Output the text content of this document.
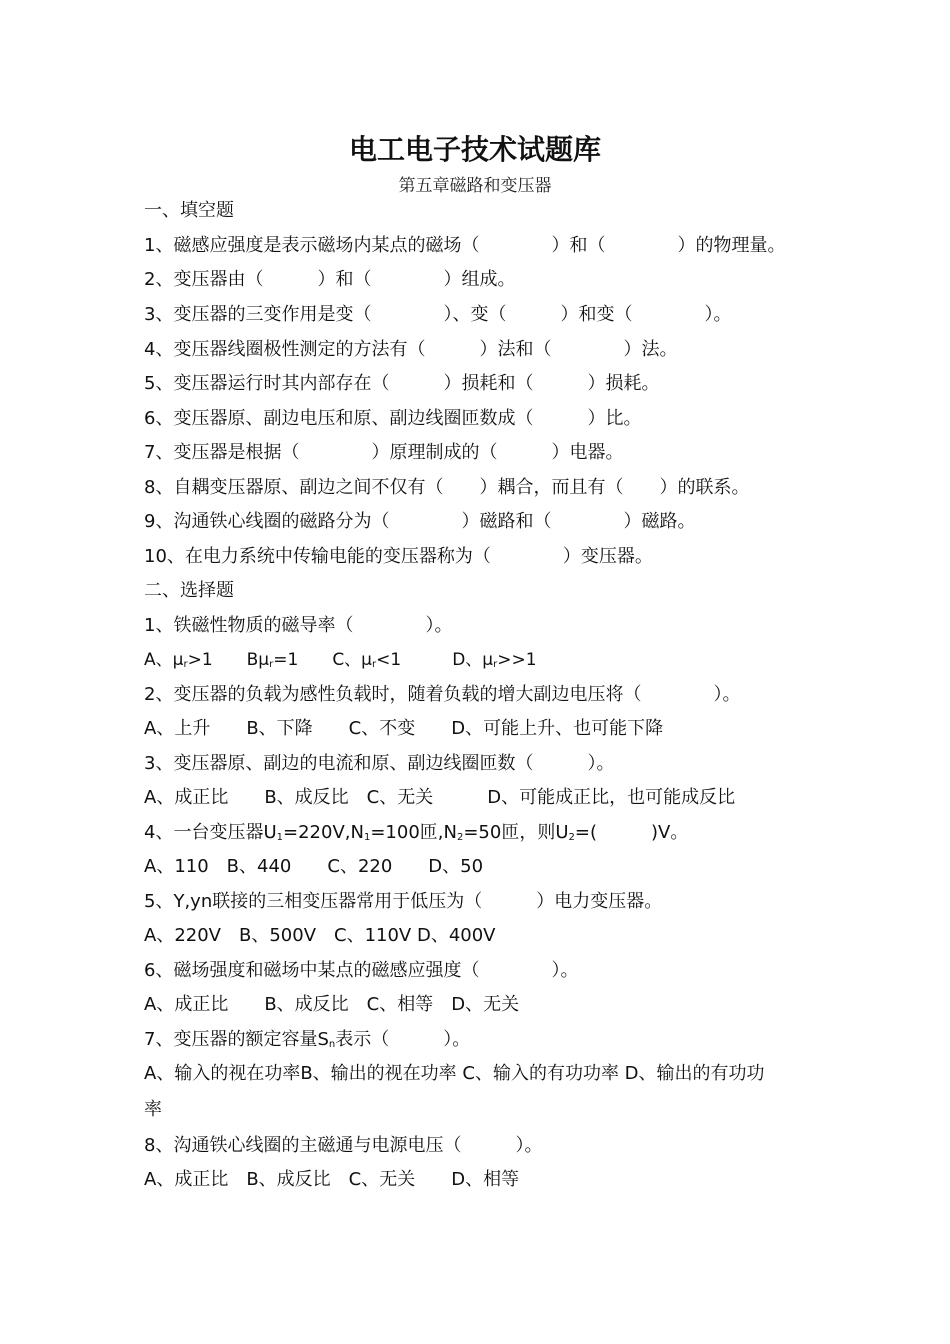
电工电子技术试题库
第五章磁路和变压器
一、填空题
1、磁感应强度是表示磁场内某点的磁场（　　　　）和（　　　　）的物理量。
2、变压器由（　　　）和（　　　　）组成。
3、变压器的三变作用是变（　　　　）、变（　　　）和变（　　　　）。
4、变压器线圈极性测定的方法有（　　　）法和（　　　　）法。
5、变压器运行时其内部存在（　　　）损耗和（　　　）损耗。
6、变压器原、副边电压和原、副边线圈匝数成（　　　）比。
7、变压器是根据（　　　　）原理制成的（　　　）电器。
8、自耦变压器原、副边之间不仅有（　　）耦合，而且有（　　）的联系。
9、沟通铁心线圈的磁路分为（　　　　）磁路和（　　　　）磁路。
10、在电力系统中传输电能的变压器称为（　　　　）变压器。
二、选择题
1、铁磁性物质的磁导率（　　　　）。
A、$\mu_r>1$　　$B\mu_r=1$　　C、$\mu_r<1$　　　D、$\mu_r>>1$
2、变压器的负载为感性负载时，随着负载的增大副边电压将（　　　　）。
A、上升　　B、下降　　C、不变　　D、可能上升、也可能下降
3、变压器原、副边的电流和原、副边线圈匝数（　　　）。
A、成正比　　B、成反比　C、无关　　　D、可能成正比，也可能成反比
4、一台变压器$U_1=220V,N_1=100$匝$,N_2=50$匝，则$U_2=$(　　　)V。
A、110　B、440　　C、220　　D、50
5、Y,yn联接的三相变压器常用于低压为（　　　）电力变压器。
A、220V　B、500V　C、110V D、400V
6、磁场强度和磁场中某点的磁感应强度（　　　　）。
A、成正比　　B、成反比　C、相等　D、无关
7、变压器的额定容量$S_n$表示（　　　）。
A、输入的视在功率B、输出的视在功率 C、输入的有功功率 D、输出的有功功
率
8、沟通铁心线圈的主磁通与电源电压（　　　）。
A、成正比　B、成反比　C、无关　　D、相等
